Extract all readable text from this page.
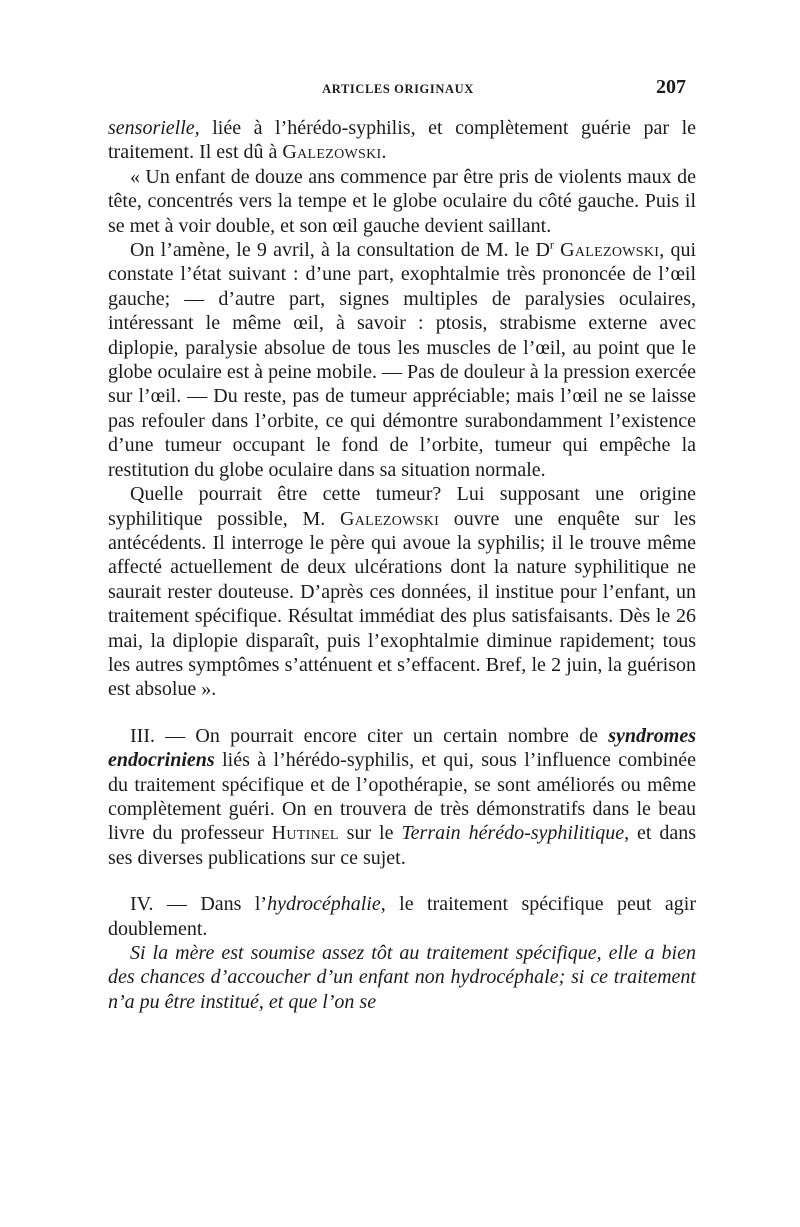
ARTICLES ORIGINAUX	207

sensorielle, liée à l’hérédo-syphilis, et complètement guérie par le traitement. Il est dû à Galezowski.

« Un enfant de douze ans commence par être pris de violents maux de tête, concentrés vers la tempe et le globe oculaire du côté gauche. Puis il se met à voir double, et son œil gauche devient saillant.

On l’amène, le 9 avril, à la consultation de M. le $D^r$ Galezowski, qui constate l’état suivant : d’une part, exophtalmie très prononcée de l’œil gauche; — d’autre part, signes multiples de paralysies oculaires, intéressant le même œil, à savoir : ptosis, strabisme externe avec diplopie, paralysie absolue de tous les muscles de l’œil, au point que le globe oculaire est à peine mobile. — Pas de douleur à la pression exercée sur l’œil. — Du reste, pas de tumeur appréciable; mais l’œil ne se laisse pas refouler dans l’orbite, ce qui démontre surabondamment l’existence d’une tumeur occupant le fond de l’orbite, tumeur qui empêche la restitution du globe oculaire dans sa situation normale.

Quelle pourrait être cette tumeur? Lui supposant une origine syphilitique possible, M. Galezowski ouvre une enquête sur les antécédents. Il interroge le père qui avoue la syphilis; il le trouve même affecté actuellement de deux ulcérations dont la nature syphilitique ne saurait rester douteuse. D’après ces données, il institue pour l’enfant, un traitement spécifique. Résultat immédiat des plus satisfaisants. Dès le 26 mai, la diplopie disparaît, puis l’exophtalmie diminue rapidement; tous les autres symptômes s’atténuent et s’effacent. Bref, le 2 juin, la guérison est absolue ».

III. — On pourrait encore citer un certain nombre de syndromes endocriniens liés à l’hérédo-syphilis, et qui, sous l’influence combinée du traitement spécifique et de l’opothérapie, se sont améliorés ou même complètement guéri. On en trouvera de très démonstratifs dans le beau livre du professeur Hutinel sur le Terrain hérédo-syphilitique, et dans ses diverses publications sur ce sujet.

IV. — Dans l’hydrocéphalie, le traitement spécifique peut agir doublement.

Si la mère est soumise assez tôt au traitement spécifique, elle a bien des chances d’accoucher d’un enfant non hydrocéphale; si ce traitement n’a pu être institué, et que l’on se
